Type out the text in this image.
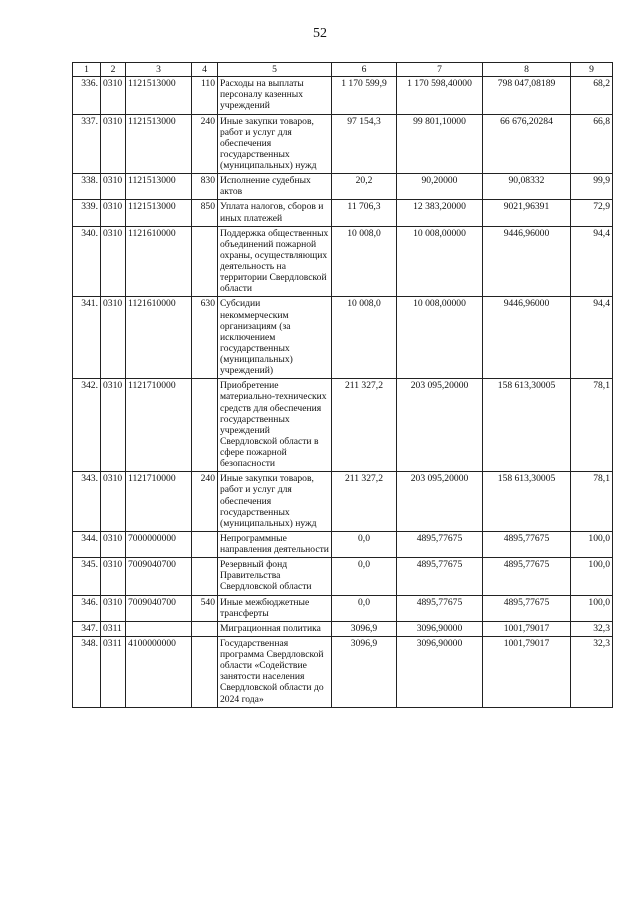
52
1	2	3	4	5	6	7	8	9
336.	0310	1121513000	110	Расходы на выплаты персоналу казенных учреждений	1 170 599,9	1 170 598,40000	798 047,08189	68,2
337.	0310	1121513000	240	Иные закупки товаров, работ и услуг для обеспечения государственных (муниципальных) нужд	97 154,3	99 801,10000	66 676,20284	66,8
338.	0310	1121513000	830	Исполнение судебных актов	20,2	90,20000	90,08332	99,9
339.	0310	1121513000	850	Уплата налогов, сборов и иных платежей	11 706,3	12 383,20000	9021,96391	72,9
340.	0310	1121610000		Поддержка общественных объединений пожарной охраны, осуществляющих деятельность на территории Свердловской области	10 008,0	10 008,00000	9446,96000	94,4
341.	0310	1121610000	630	Субсидии некоммерческим организациям (за исключением государственных (муниципальных) учреждений)	10 008,0	10 008,00000	9446,96000	94,4
342.	0310	1121710000		Приобретение материально-технических средств для обеспечения государственных учреждений Свердловской области в сфере пожарной безопасности	211 327,2	203 095,20000	158 613,30005	78,1
343.	0310	1121710000	240	Иные закупки товаров, работ и услуг для обеспечения государственных (муниципальных) нужд	211 327,2	203 095,20000	158 613,30005	78,1
344.	0310	7000000000		Непрограммные направления деятельности	0,0	4895,77675	4895,77675	100,0
345.	0310	7009040700		Резервный фонд Правительства Свердловской области	0,0	4895,77675	4895,77675	100,0
346.	0310	7009040700	540	Иные межбюджетные трансферты	0,0	4895,77675	4895,77675	100,0
347.	0311			Миграционная политика	3096,9	3096,90000	1001,79017	32,3
348.	0311	4100000000		Государственная программа Свердловской области «Содействие занятости населения Свердловской области до 2024 года»	3096,9	3096,90000	1001,79017	32,3
